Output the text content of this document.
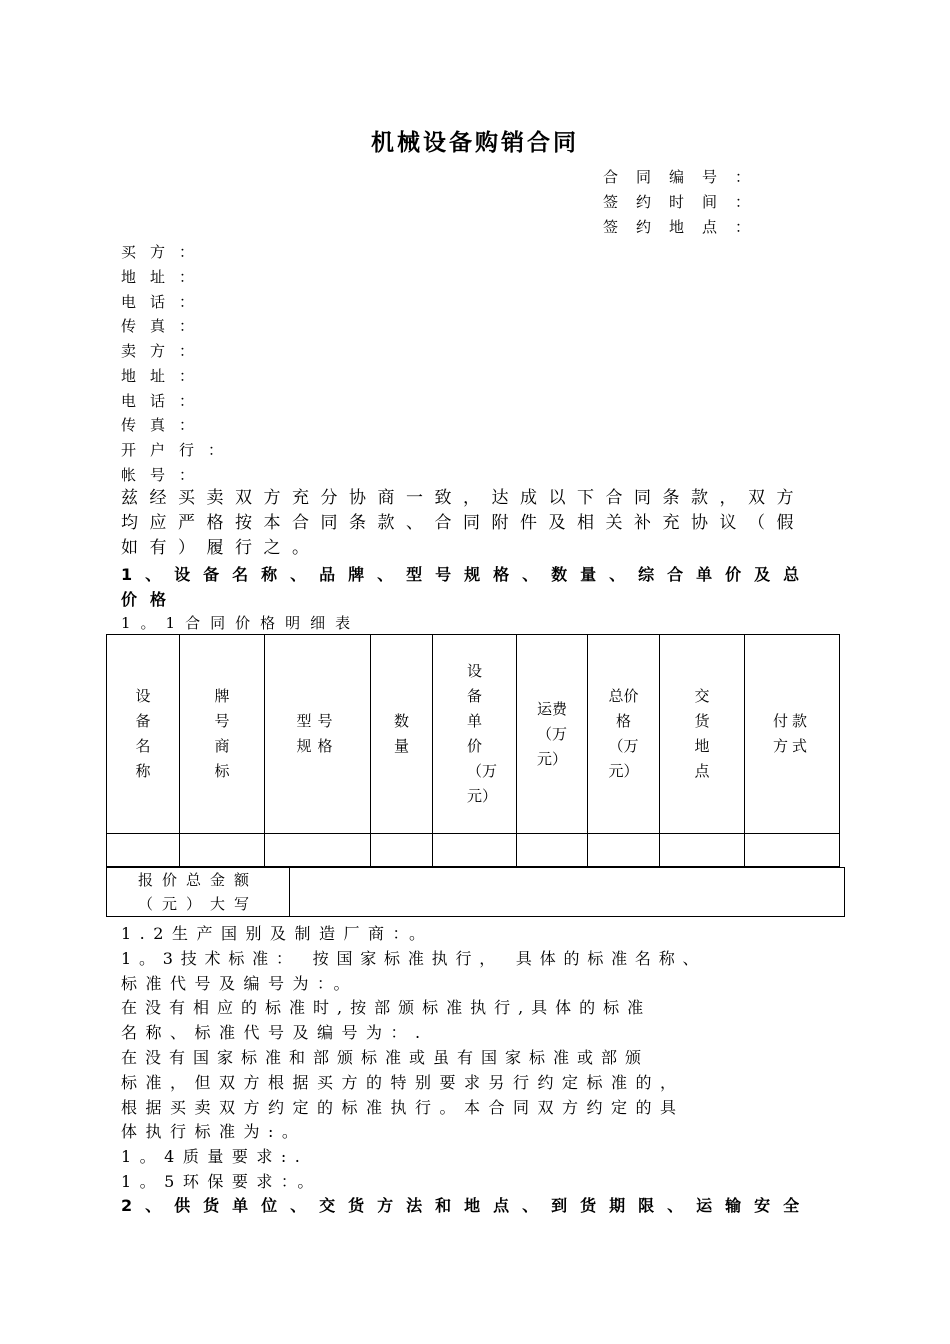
机械设备购销合同
合同编号：
签约时间：
签约地点：
买方：
地址：
电话：
传真：
卖方：
地址：
电话：
传真：
开户行：
帐号：
兹经买卖双方充分协商一致，达成以下合同条款，双方均应严格按本合同条款、合同附件及相关补充协议（假如有）履行之。
1、设备名称、品牌、型号规格、数量、综合单价及总
价格
1。1合同价格明细表
设备名称	牌号商标	型号规格	数量	设备单价（万元）	运费（万元）	总价格（万元）	交货地点	付款方式

报价总金额
（元）大写

1.2生产国别及制造厂商：。
1。3技术标准： 按国家标准执行， 具体的标准名称、
标准代号及编号为：。
在没有相应的标准时,按部颁标准执行,具体的标准
名称、标准代号及编号为：.
在没有国家标准和部颁标准或虽有国家标准或部颁
标准，但双方根据买方的特别要求另行约定标准的，
根据买卖双方约定的标准执行。本合同双方约定的具
体执行标准为:。
1。4质量要求:.
1。5环保要求：。
2、供货单位、交货方法和地点、到货期限、运输安全
